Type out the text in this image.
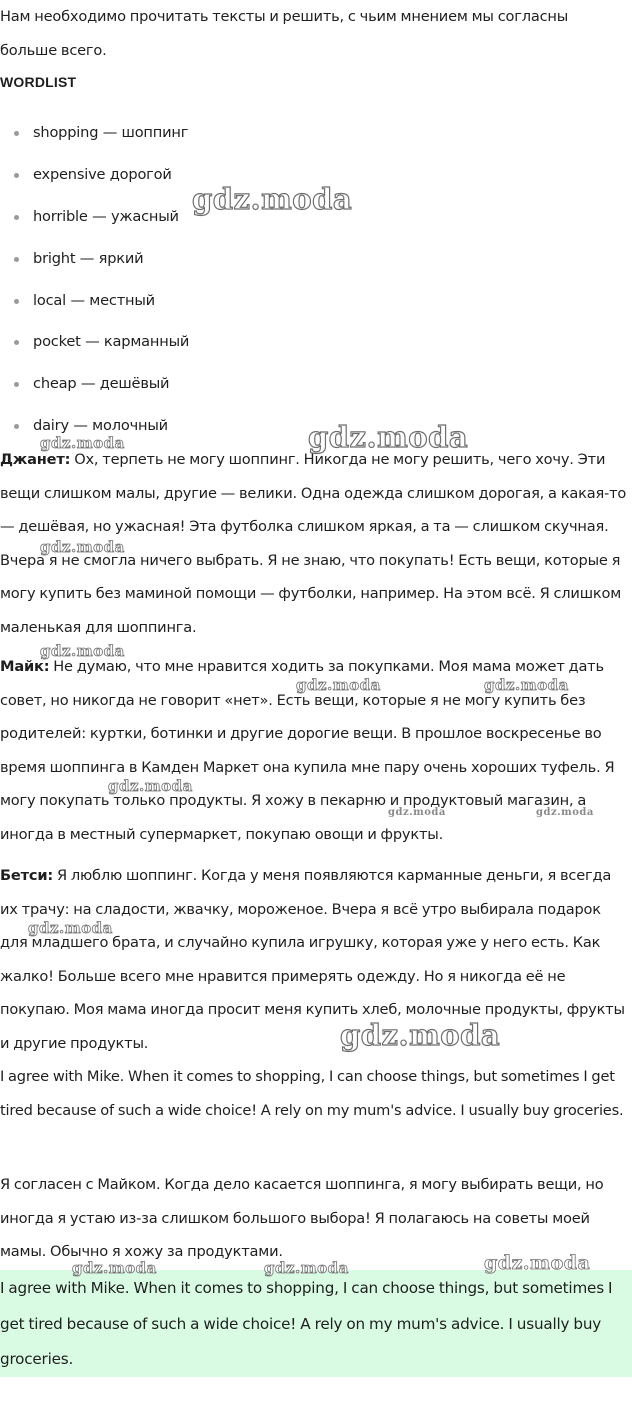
Нам необходимо прочитать тексты и решить, с чьим мнением мы согласны больше всего.

WORDLIST
shopping — шоппинг
expensive дорогой
horrible — ужасный
bright — яркий
local — местный
pocket — карманный
cheap — дешёвый
dairy — молочный

Джанет: Ох, терпеть не могу шоппинг. Никогда не могу решить, чего хочу. Эти вещи слишком малы, другие — велики. Одна одежда слишком дорогая, а какая-то — дешёвая, но ужасная! Эта футболка слишком яркая, а та — слишком скучная. Вчера я не смогла ничего выбрать. Я не знаю, что покупать! Есть вещи, которые я могу купить без маминой помощи — футболки, например. На этом всё. Я слишком маленькая для шоппинга.

Майк: Не думаю, что мне нравится ходить за покупками. Моя мама может дать совет, но никогда не говорит «нет». Есть вещи, которые я не могу купить без родителей: куртки, ботинки и другие дорогие вещи. В прошлое воскресенье во время шоппинга в Камден Маркет она купила мне пару очень хороших туфель. Я могу покупать только продукты. Я хожу в пекарню и продуктовый магазин, а иногда в местный супермаркет, покупаю овощи и фрукты.

Бетси: Я люблю шоппинг. Когда у меня появляются карманные деньги, я всегда их трачу: на сладости, жвачку, мороженое. Вчера я всё утро выбирала подарок для младшего брата, и случайно купила игрушку, которая уже у него есть. Как жалко! Больше всего мне нравится примерять одежду. Но я никогда её не покупаю. Моя мама иногда просит меня купить хлеб, молочные продукты, фрукты и другие продукты.

I agree with Mike. When it comes to shopping, I can choose things, but sometimes I get tired because of such a wide choice! A rely on my mum's advice. I usually buy groceries.

Я согласен с Майком. Когда дело касается шоппинга, я могу выбирать вещи, но иногда я устаю из-за слишком большого выбора! Я полагаюсь на советы моей мамы. Обычно я хожу за продуктами.

I agree with Mike. When it comes to shopping, I can choose things, but sometimes I get tired because of such a wide choice! A rely on my mum's advice. I usually buy groceries.

gdz.moda
gdz.moda
gdz.moda
gdz.moda
gdz.moda
gdz.moda	gdz.moda
gdz.moda
gdz.moda	gdz.moda
gdz.moda
gdz.moda
gdz.moda	gdz.moda	gdz.moda
